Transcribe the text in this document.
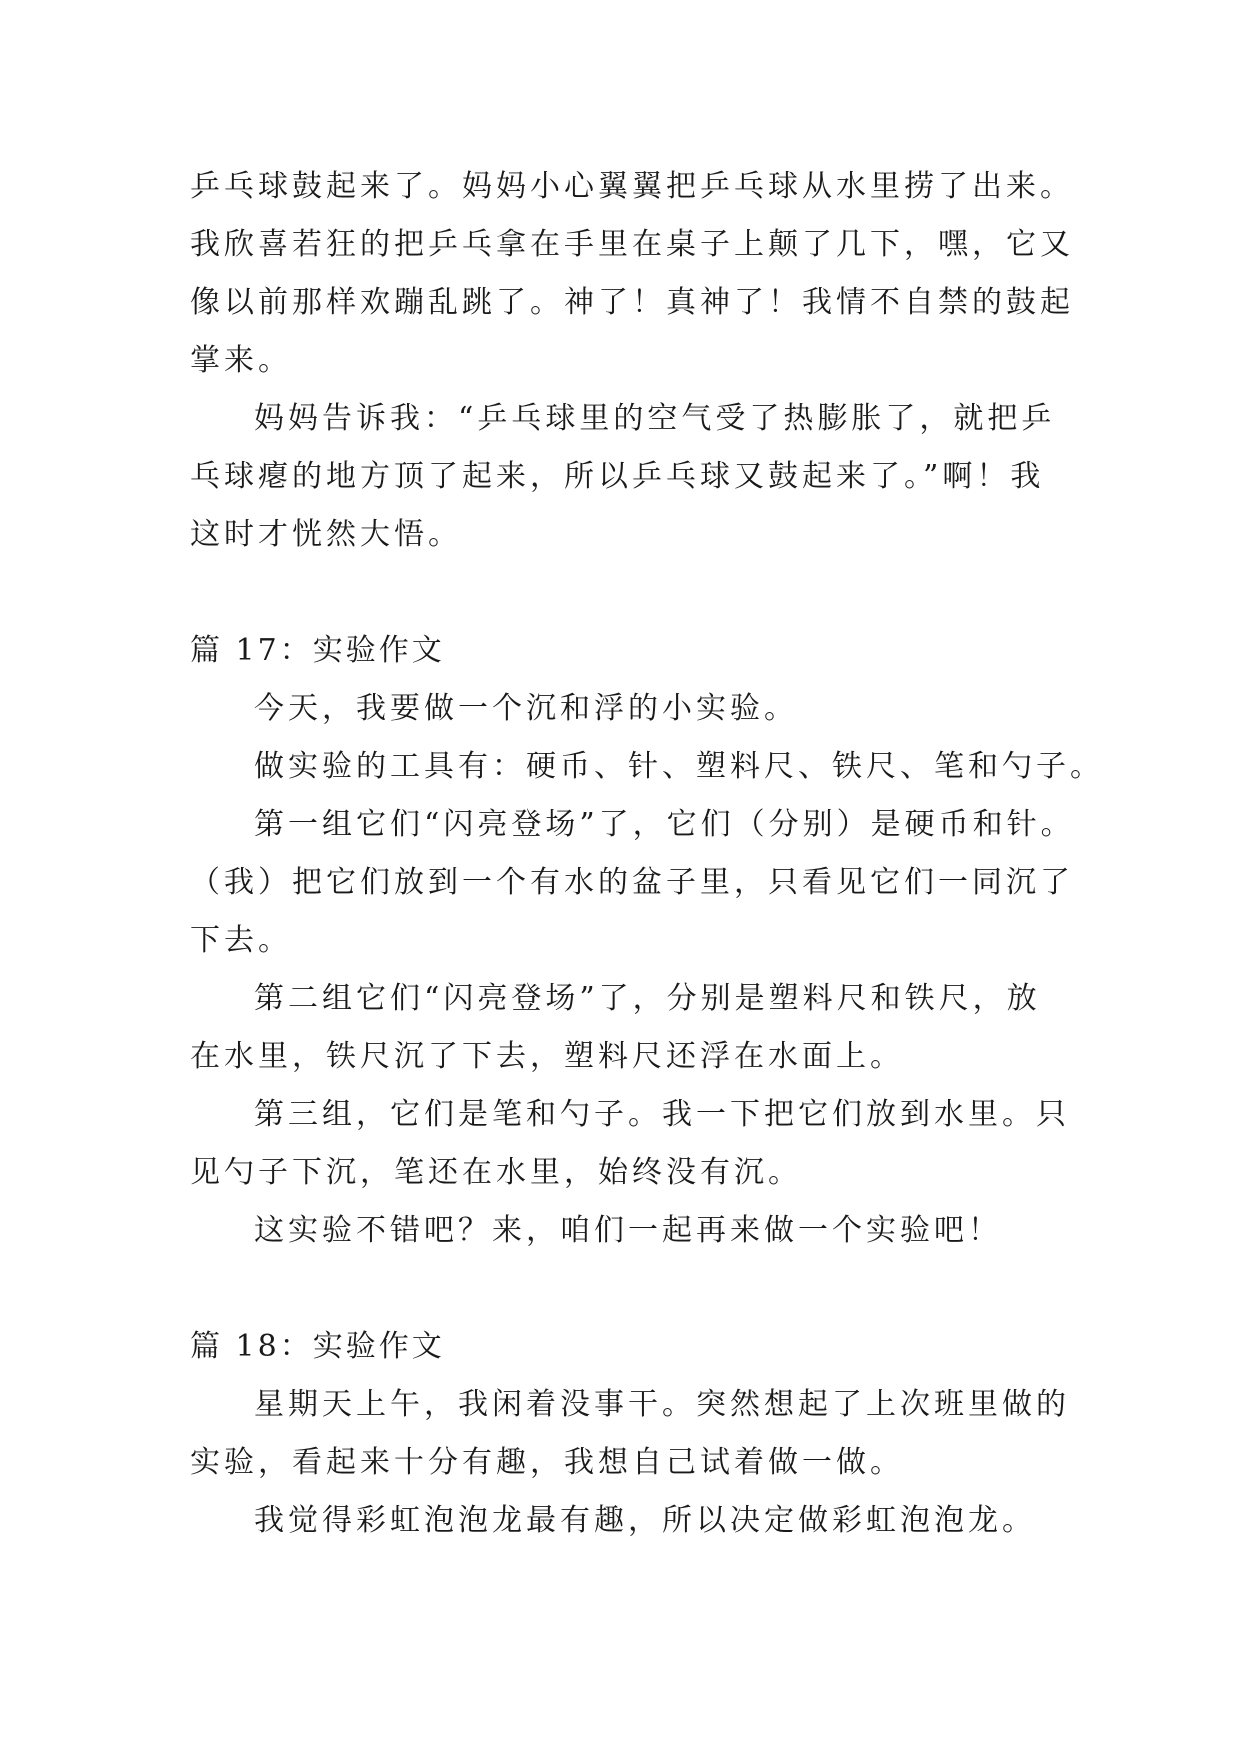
乒乓球鼓起来了。妈妈小心翼翼把乒乓球从水里捞了出来。

我欣喜若狂的把乒乓拿在手里在桌子上颠了几下，嘿，它又

像以前那样欢蹦乱跳了。神了！真神了！我情不自禁的鼓起

掌来。

妈妈告诉我：“乒乓球里的空气受了热膨胀了，就把乒

乓球瘪的地方顶了起来，所以乒乓球又鼓起来了。”啊！我

这时才恍然大悟。

篇 17：实验作文

今天，我要做一个沉和浮的小实验。

做实验的工具有：硬币、针、塑料尺、铁尺、笔和勺子。

第一组它们“闪亮登场”了，它们（分别）是硬币和针。

（我）把它们放到一个有水的盆子里，只看见它们一同沉了

下去。

第二组它们“闪亮登场”了，分别是塑料尺和铁尺，放

在水里，铁尺沉了下去，塑料尺还浮在水面上。

第三组，它们是笔和勺子。我一下把它们放到水里。只

见勺子下沉，笔还在水里，始终没有沉。

这实验不错吧？来，咱们一起再来做一个实验吧！

篇 18：实验作文

星期天上午，我闲着没事干。突然想起了上次班里做的

实验，看起来十分有趣，我想自己试着做一做。

我觉得彩虹泡泡龙最有趣，所以决定做彩虹泡泡龙。
